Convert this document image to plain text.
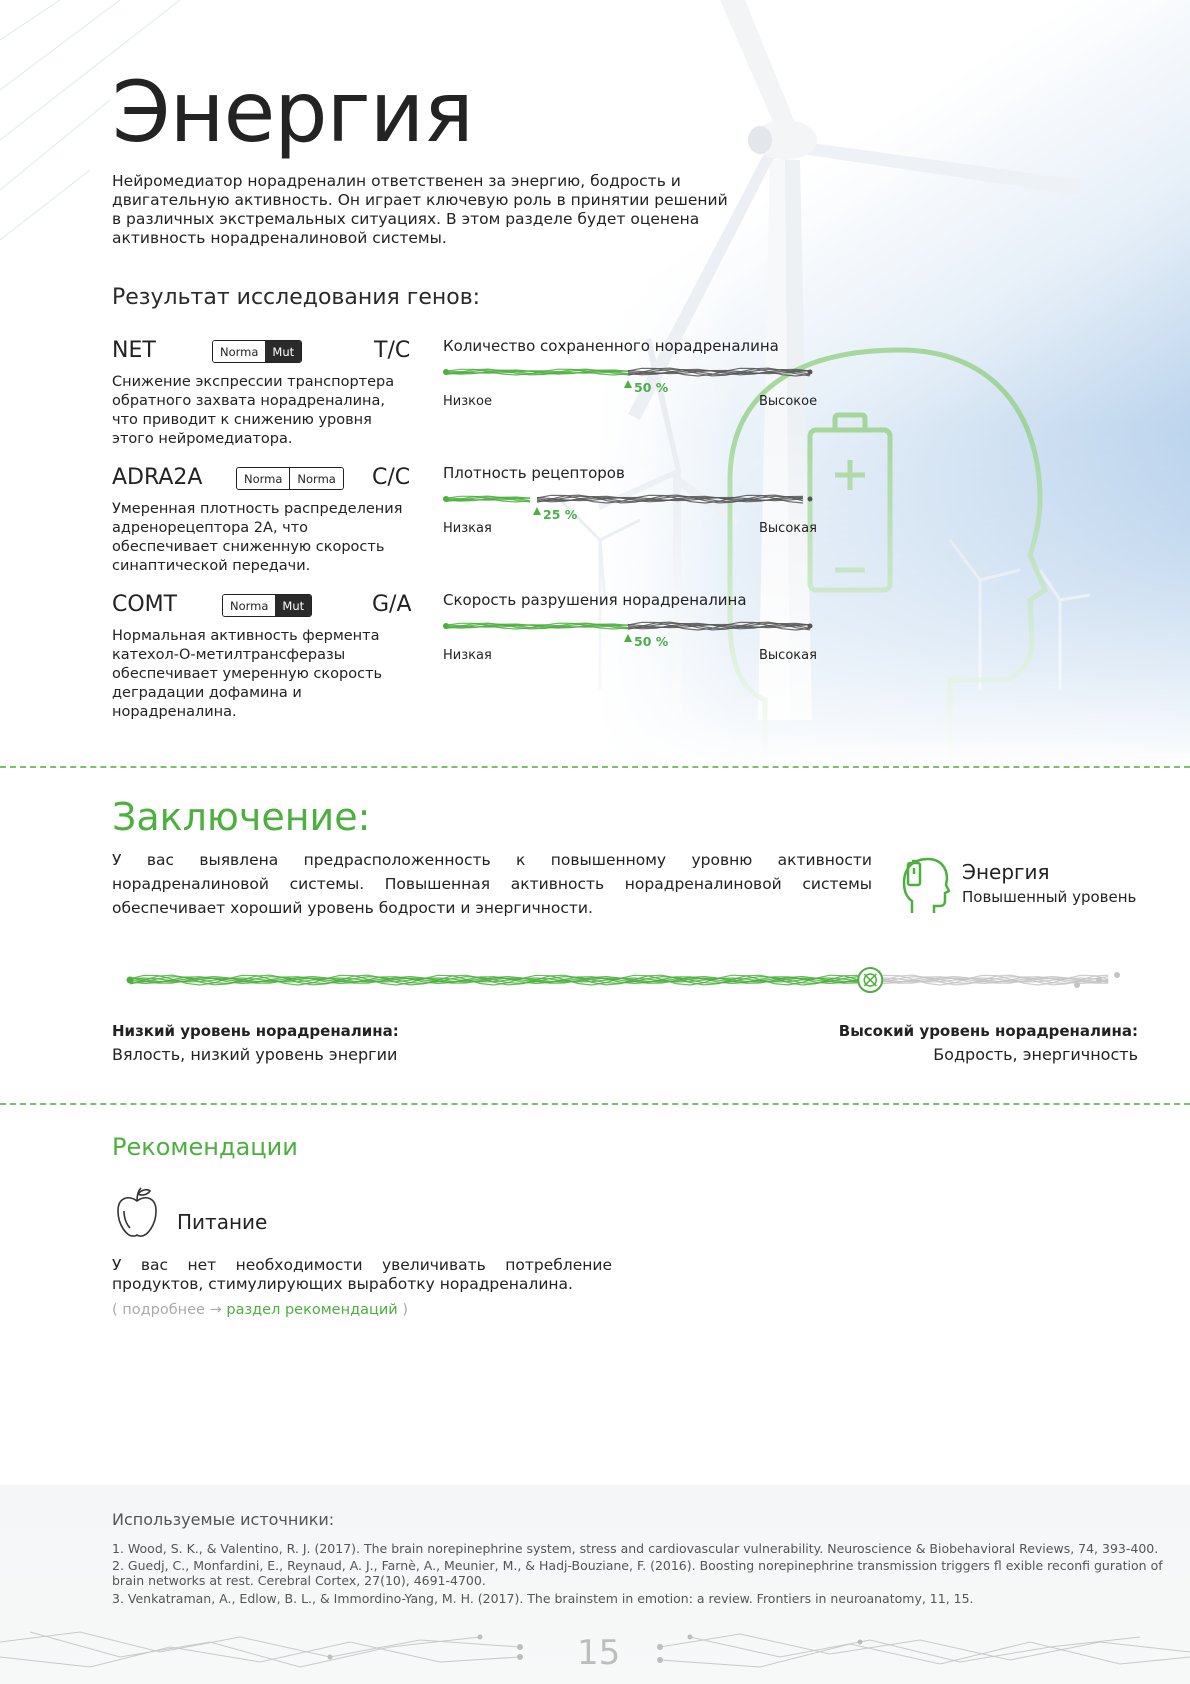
Энергия
Нейромедиатор норадреналин ответственен за энергию, бодрость и двигательную активность. Он играет ключевую роль в принятии решений в различных экстремальных ситуациях. В этом разделе будет оценена активность норадреналиновой системы.
Результат исследования генов:
NET	Norma	Mut	T/C
Снижение экспрессии транспортера обратного захвата норадреналина, что приводит к снижению уровня этого нейромедиатора.
Количество сохраненного норадреналина
50 %
Низкое	Высокое
ADRA2A	Norma	Norma	C/C
Умеренная плотность распределения адренорецептора 2А, что обеспечивает сниженную скорость синаптической передачи.
Плотность рецепторов
25 %
Низкая	Высокая
COMT	Norma	Mut	G/A
Нормальная активность фермента катехол-О-метилтрансферазы обеспечивает умеренную скорость деградации дофамина и норадреналина.
Скорость разрушения норадреналина
50 %
Низкая	Высокая
Заключение:
У вас выявлена предрасположенность к повышенному уровню активности норадреналиновой системы. Повышенная активность норадреналиновой системы обеспечивает хороший уровень бодрости и энергичности.
Энергия
Повышенный уровень
Низкий уровень норадреналина:
Вялость, низкий уровень энергии
Высокий уровень норадреналина:
Бодрость, энергичность
Рекомендации
Питание
У вас нет необходимости увеличивать потребление продуктов, стимулирующих выработку норадреналина.
( подробнее → раздел рекомендаций )
Используемые источники:
1. Wood, S. K., & Valentino, R. J. (2017). The brain norepinephrine system, stress and cardiovascular vulnerability. Neuroscience & Biobehavioral Reviews, 74, 393-400.
2. Guedj, C., Monfardini, E., Reynaud, A. J., Farnè, A., Meunier, M., & Hadj-Bouziane, F. (2016). Boosting norepinephrine transmission triggers fl exible reconfi guration of brain networks at rest. Cerebral Cortex, 27(10), 4691-4700.
3. Venkatraman, A., Edlow, B. L., & Immordino-Yang, M. H. (2017). The brainstem in emotion: a review. Frontiers in neuroanatomy, 11, 15.
15
